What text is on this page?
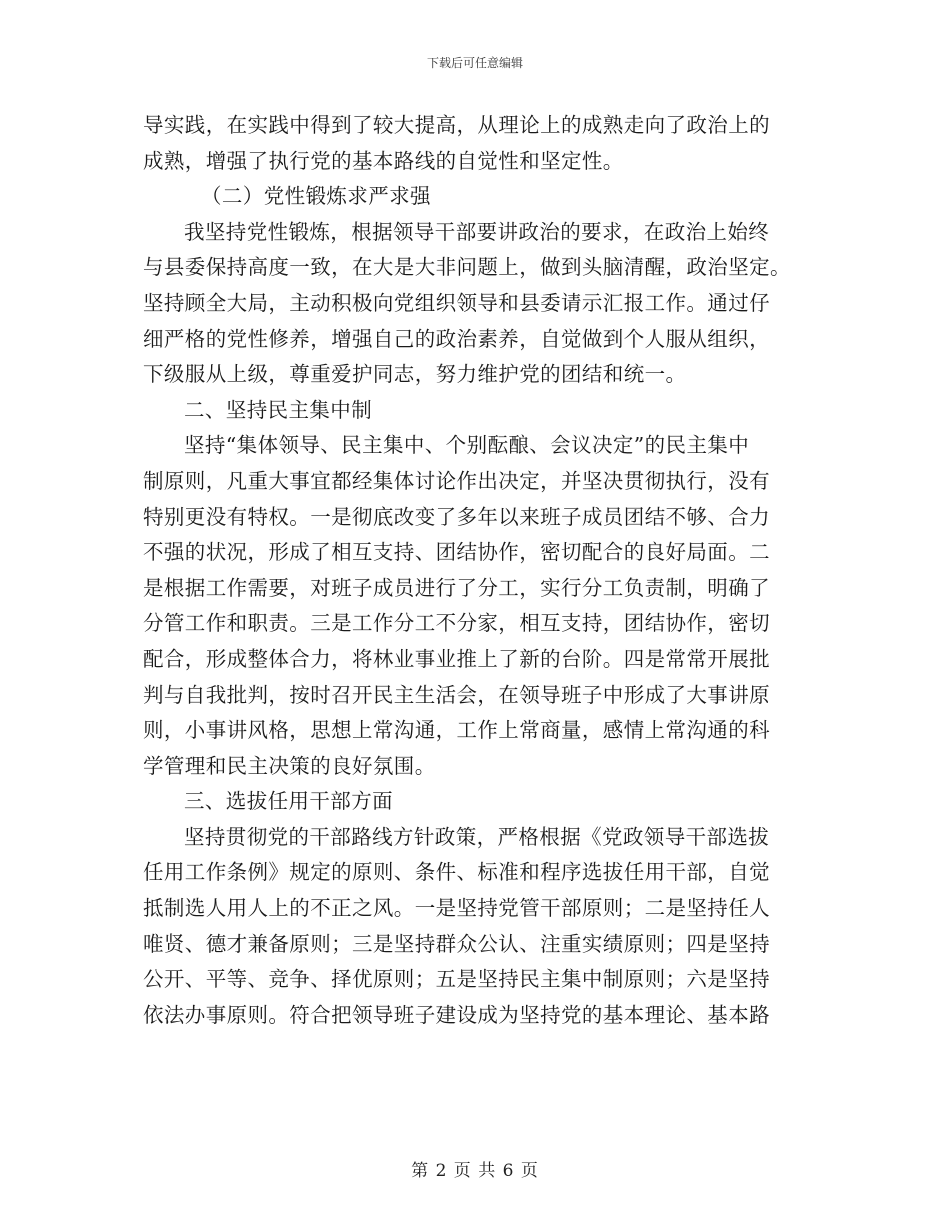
下载后可任意编辑
导实践，在实践中得到了较大提高，从理论上的成熟走向了政治上的
成熟，增强了执行党的基本路线的自觉性和坚定性。
（二）党性锻炼求严求强
我坚持党性锻炼，根据领导干部要讲政治的要求，在政治上始终
与县委保持高度一致，在大是大非问题上，做到头脑清醒，政治坚定。
坚持顾全大局，主动积极向党组织领导和县委请示汇报工作。通过仔
细严格的党性修养，增强自己的政治素养，自觉做到个人服从组织，
下级服从上级，尊重爱护同志，努力维护党的团结和统一。
二、坚持民主集中制
坚持“集体领导、民主集中、个别酝酿、会议决定”的民主集中
制原则，凡重大事宜都经集体讨论作出决定，并坚决贯彻执行，没有
特别更没有特权。一是彻底改变了多年以来班子成员团结不够、合力
不强的状况，形成了相互支持、团结协作，密切配合的良好局面。二
是根据工作需要，对班子成员进行了分工，实行分工负责制，明确了
分管工作和职责。三是工作分工不分家，相互支持，团结协作，密切
配合，形成整体合力，将林业事业推上了新的台阶。四是常常开展批
判与自我批判，按时召开民主生活会，在领导班子中形成了大事讲原
则，小事讲风格，思想上常沟通，工作上常商量，感情上常沟通的科
学管理和民主决策的良好氛围。
三、选拔任用干部方面
坚持贯彻党的干部路线方针政策，严格根据《党政领导干部选拔
任用工作条例》规定的原则、条件、标准和程序选拔任用干部，自觉
抵制选人用人上的不正之风。一是坚持党管干部原则；二是坚持任人
唯贤、德才兼备原则；三是坚持群众公认、注重实绩原则；四是坚持
公开、平等、竞争、择优原则；五是坚持民主集中制原则；六是坚持
依法办事原则。符合把领导班子建设成为坚持党的基本理论、基本路
第 2 页 共 6 页
